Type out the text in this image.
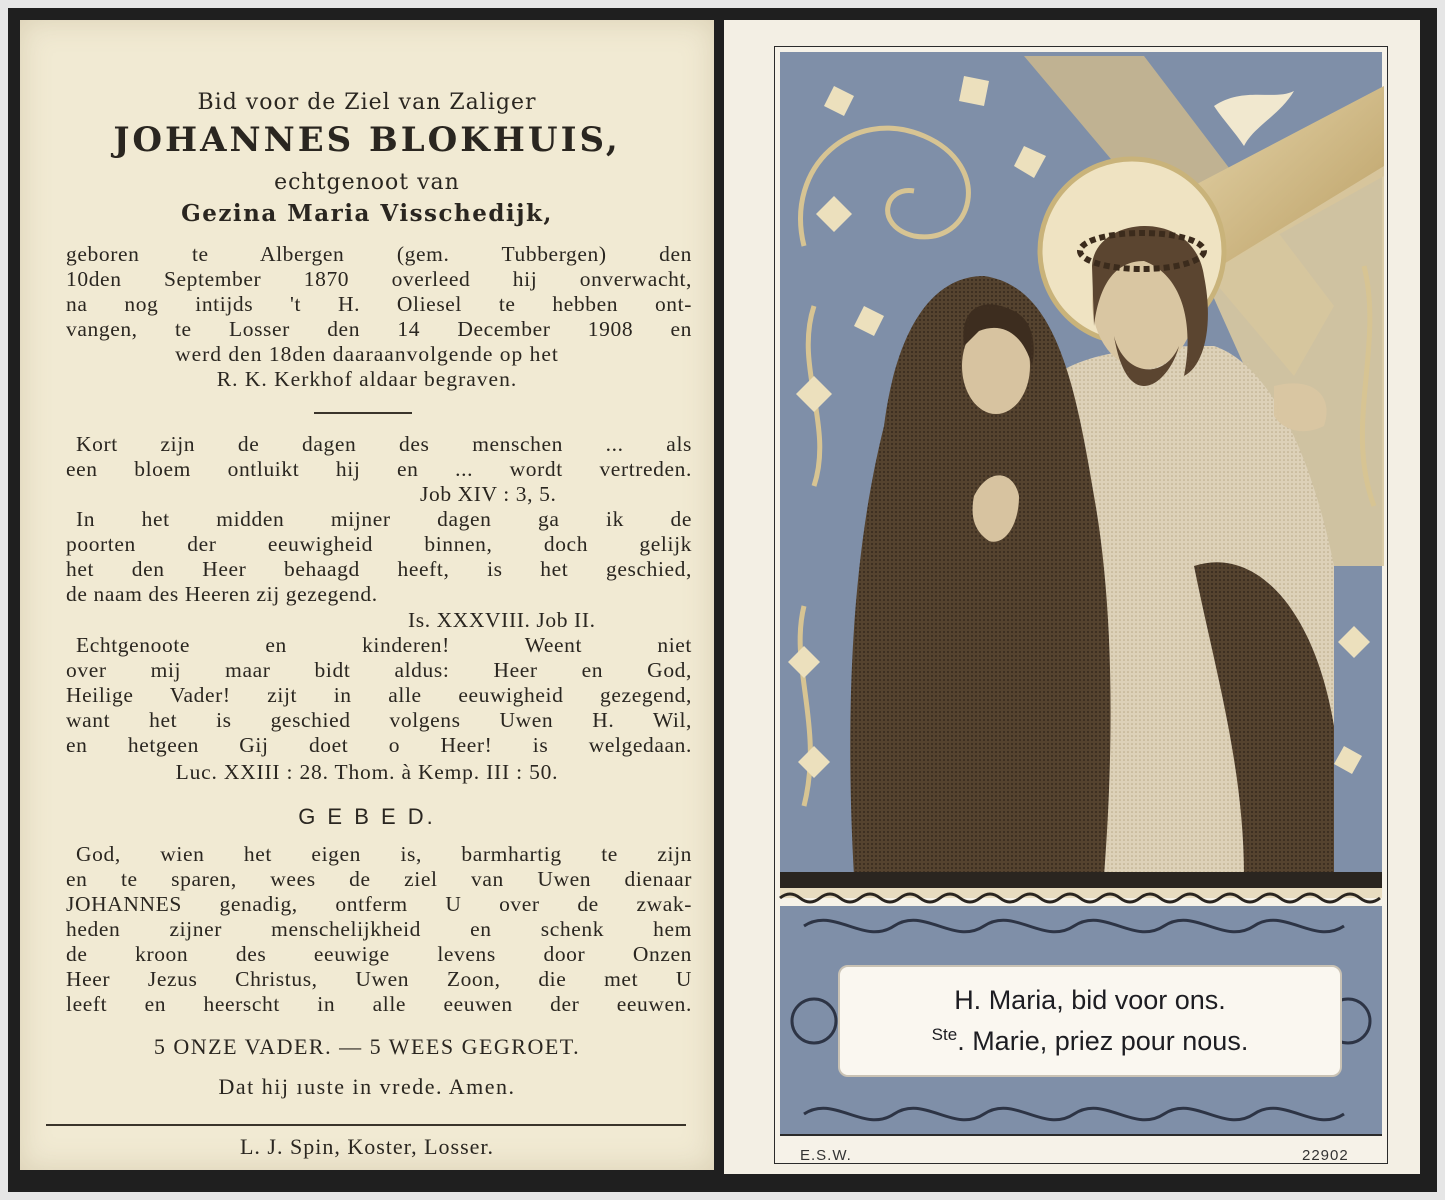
Bid voor de Ziel van Zaliger
JOHANNES BLOKHUIS,
echtgenoot van
Gezina Maria Visschedijk,
geboren te Albergen (gem. Tubbergen) den
10den September 1870 overleed hij onverwacht,
na nog intijds 't H. Oliesel te hebben ont-
vangen, te Losser den 14 December 1908 en
werd den 18den daaraanvolgende op het
R. K. Kerkhof aldaar begraven.
Kort zijn de dagen des menschen ... als
een bloem ontluikt hij en ... wordt vertreden.
Job XIV : 3, 5.
In het midden mijner dagen ga ik de
poorten der eeuwigheid binnen, doch gelijk
het den Heer behaagd heeft, is het geschied,
de naam des Heeren zij gezegend.
Is. XXXVIII. Job II.
Echtgenoote en kinderen! Weent niet
over mij maar bidt aldus: Heer en God,
Heilige Vader! zijt in alle eeuwigheid gezegend,
want het is geschied volgens Uwen H. Wil,
en hetgeen Gij doet o Heer! is welgedaan.
Luc. XXIII : 28. Thom. à Kemp. III : 50.
G E B E D.
God, wien het eigen is, barmhartig te zijn
en te sparen, wees de ziel van Uwen dienaar
JOHANNES genadig, ontferm U over de zwak-
heden zijner menschelijkheid en schenk hem
de kroon des eeuwige levens door Onzen
Heer Jezus Christus, Uwen Zoon, die met U
leeft en heerscht in alle eeuwen der eeuwen.
5 ONZE VADER. — 5 WEES GEGROET.
Dat hij ıuste in vrede. Amen.
L. J. Spin, Koster, Losser.
H. Maria, bid voor ons.
$^{Ste}$. Marie, priez pour nous.
E.S.W.	22902
